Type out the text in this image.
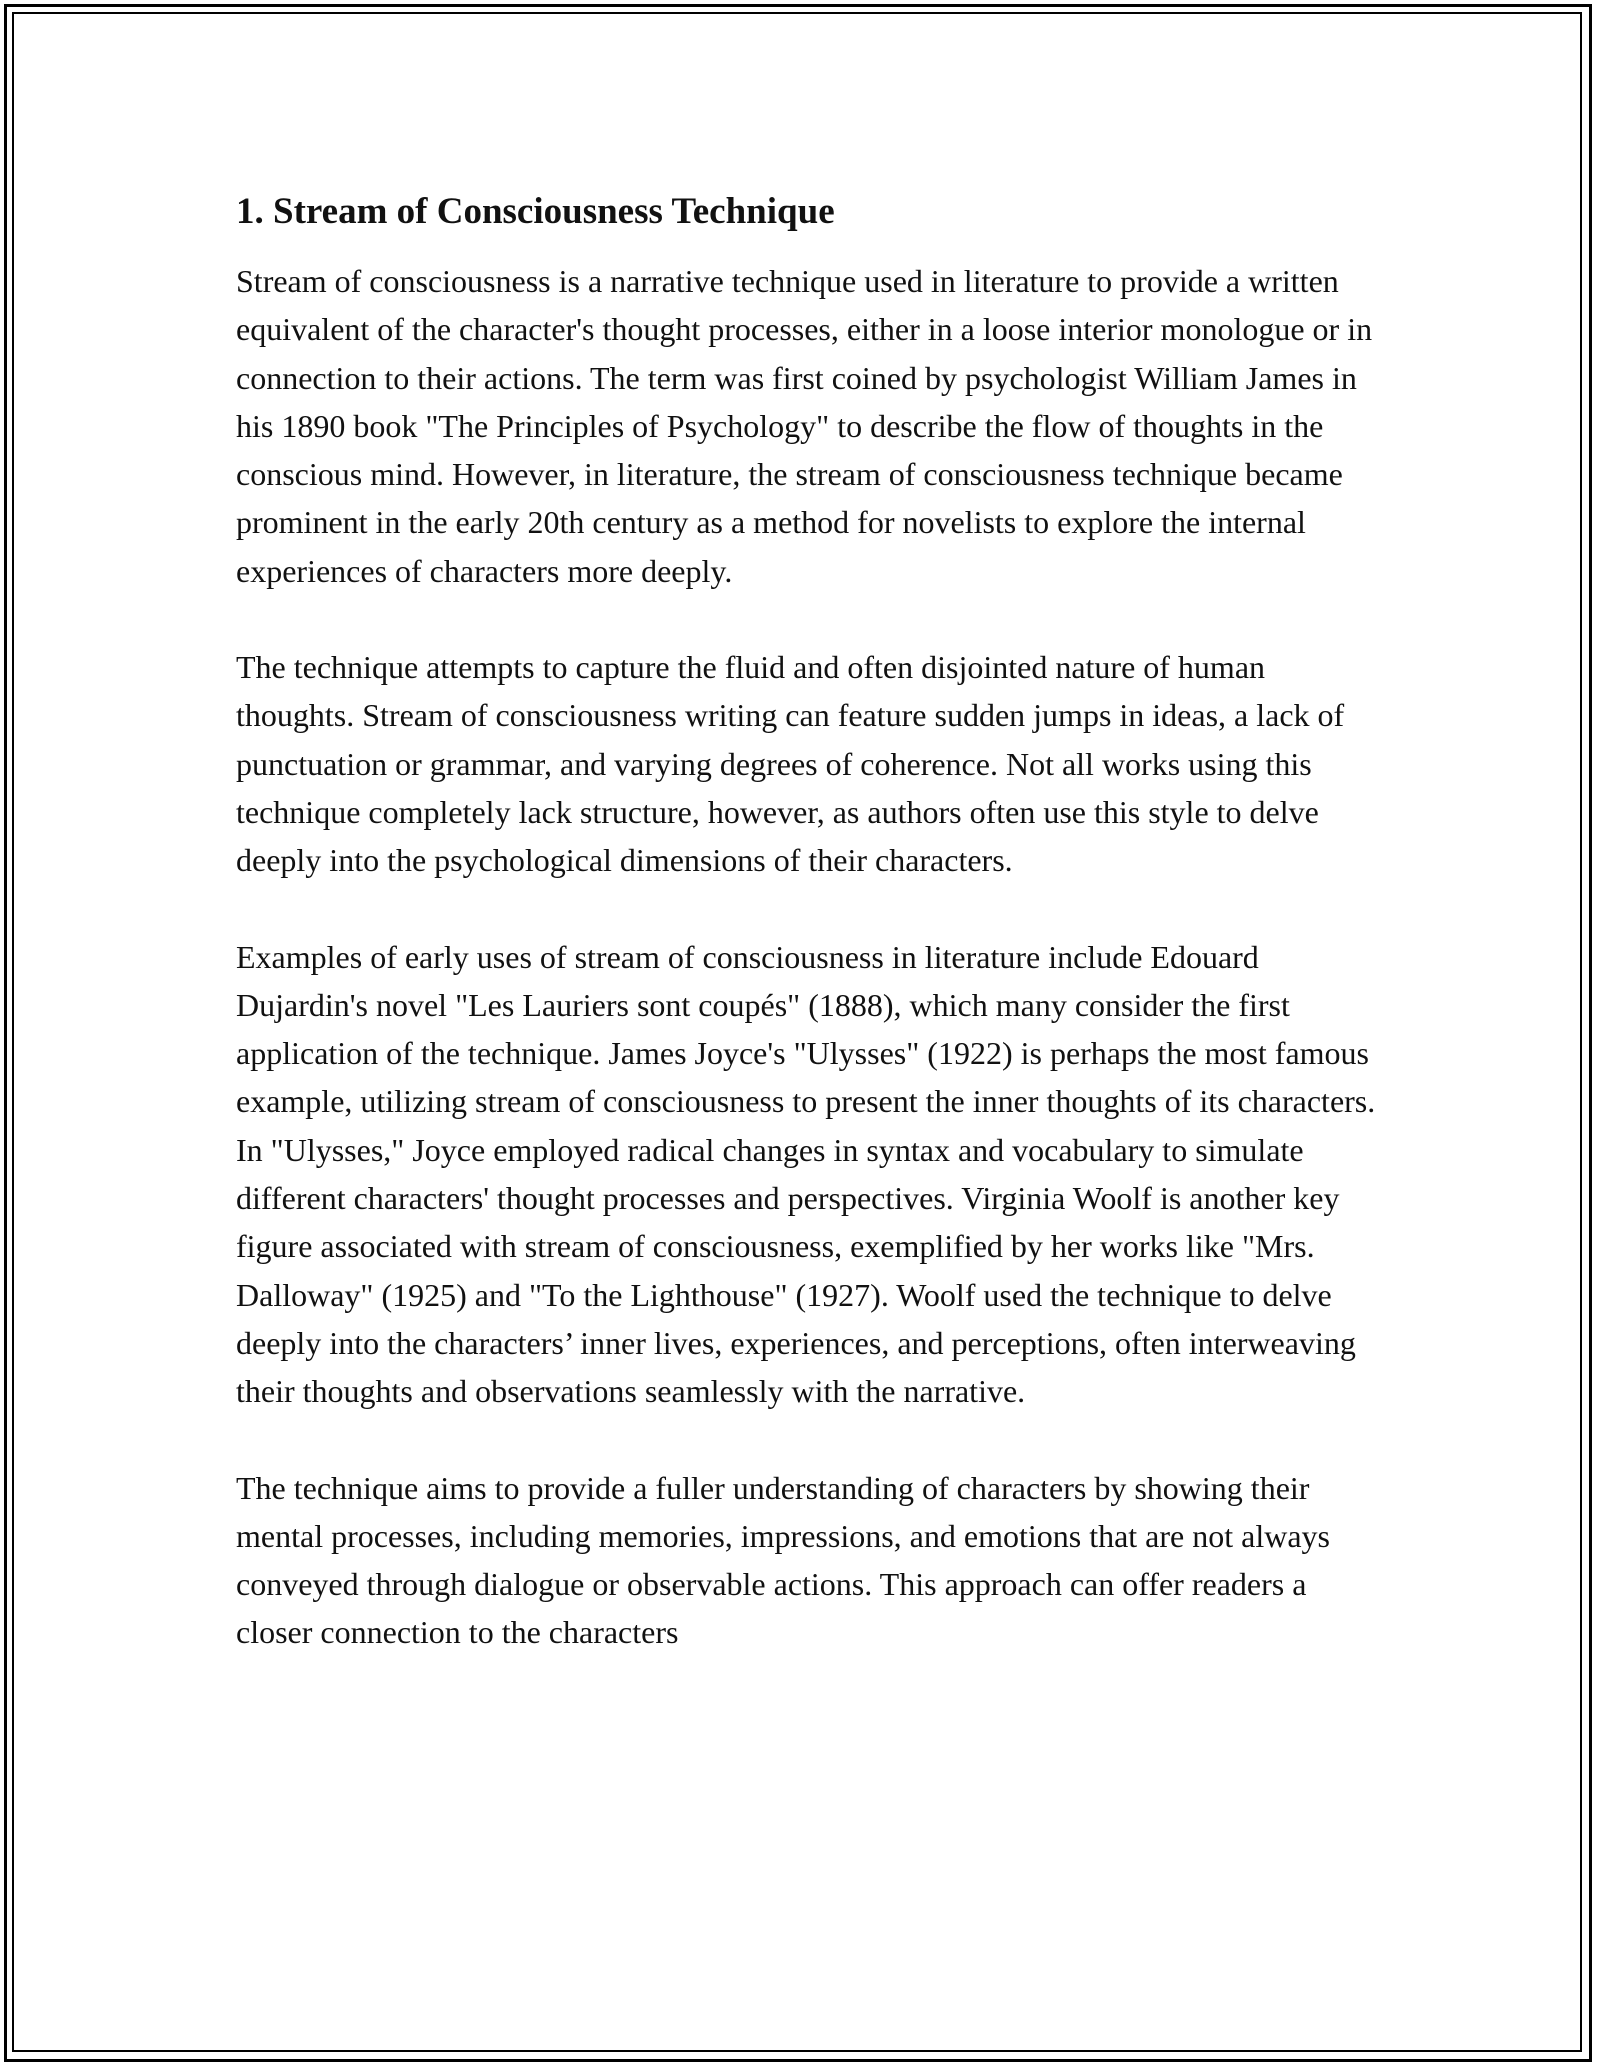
1. Stream of Consciousness Technique

Stream of consciousness is a narrative technique used in literature to provide a written equivalent of the character's thought processes, either in a loose interior monologue or in connection to their actions. The term was first coined by psychologist William James in his 1890 book "The Principles of Psychology" to describe the flow of thoughts in the conscious mind. However, in literature, the stream of consciousness technique became prominent in the early 20th century as a method for novelists to explore the internal experiences of characters more deeply.

The technique attempts to capture the fluid and often disjointed nature of human thoughts. Stream of consciousness writing can feature sudden jumps in ideas, a lack of punctuation or grammar, and varying degrees of coherence. Not all works using this technique completely lack structure, however, as authors often use this style to delve deeply into the psychological dimensions of their characters.

Examples of early uses of stream of consciousness in literature include Edouard Dujardin's novel "Les Lauriers sont coupés" (1888), which many consider the first application of the technique. James Joyce's "Ulysses" (1922) is perhaps the most famous example, utilizing stream of consciousness to present the inner thoughts of its characters. In "Ulysses," Joyce employed radical changes in syntax and vocabulary to simulate different characters' thought processes and perspectives. Virginia Woolf is another key figure associated with stream of consciousness, exemplified by her works like "Mrs. Dalloway" (1925) and "To the Lighthouse" (1927). Woolf used the technique to delve deeply into the characters’ inner lives, experiences, and perceptions, often interweaving their thoughts and observations seamlessly with the narrative.

The technique aims to provide a fuller understanding of characters by showing their mental processes, including memories, impressions, and emotions that are not always conveyed through dialogue or observable actions. This approach can offer readers a closer connection to the characters
